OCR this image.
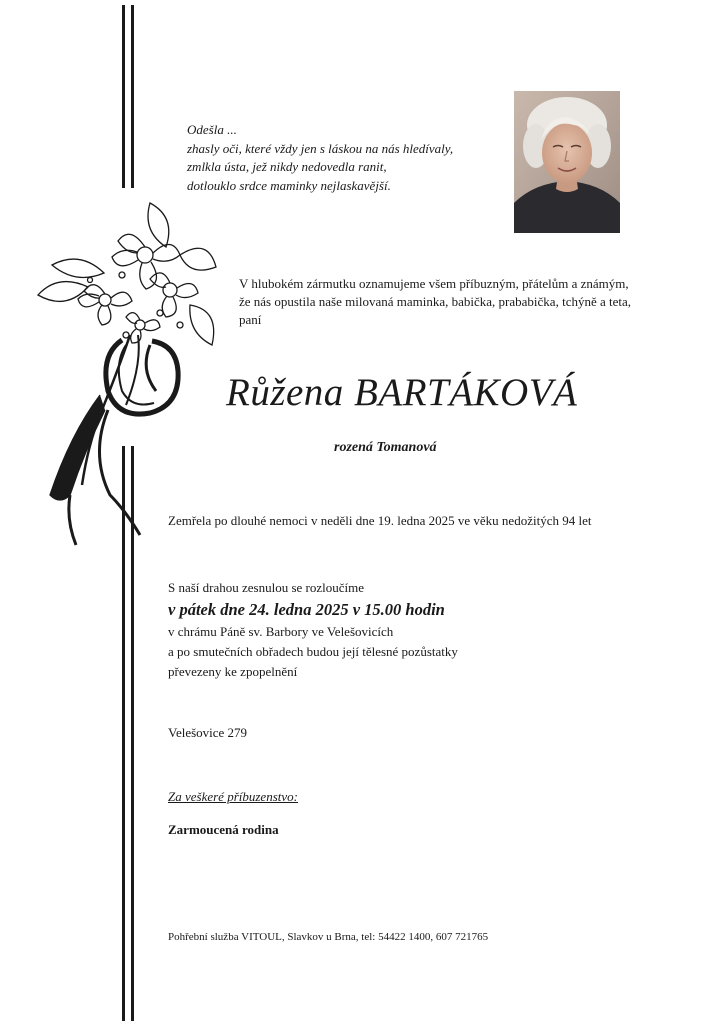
Odešla ...
zhasly oči, které vždy jen s láskou na nás hledívaly,
zmlkla ústa, jež nikdy nedovedla ranit,
dotlouklo srdce maminky nejlaskavější.
V hlubokém zármutku oznamujeme všem příbuzným, přátelům a známým,
že nás opustila naše milovaná maminka, babička, prababička, tchýně a teta,
paní
Růžena BARTÁKOVÁ
rozená Tomanová
Zemřela po dlouhé nemoci v neděli dne 19. ledna 2025 ve věku nedožitých 94 let
S naší drahou zesnulou se rozloučíme
v pátek dne 24. ledna 2025 v 15.00 hodin
v chrámu Páně sv. Barbory ve Velešovicích
a po smutečních obřadech budou její tělesné pozůstatky
převezeny ke zpopelnění
Velešovice 279
Za veškeré příbuzenstvo:
Zarmoucená rodina
Pohřební služba VITOUL, Slavkov u Brna, tel: 54422 1400, 607 721765
